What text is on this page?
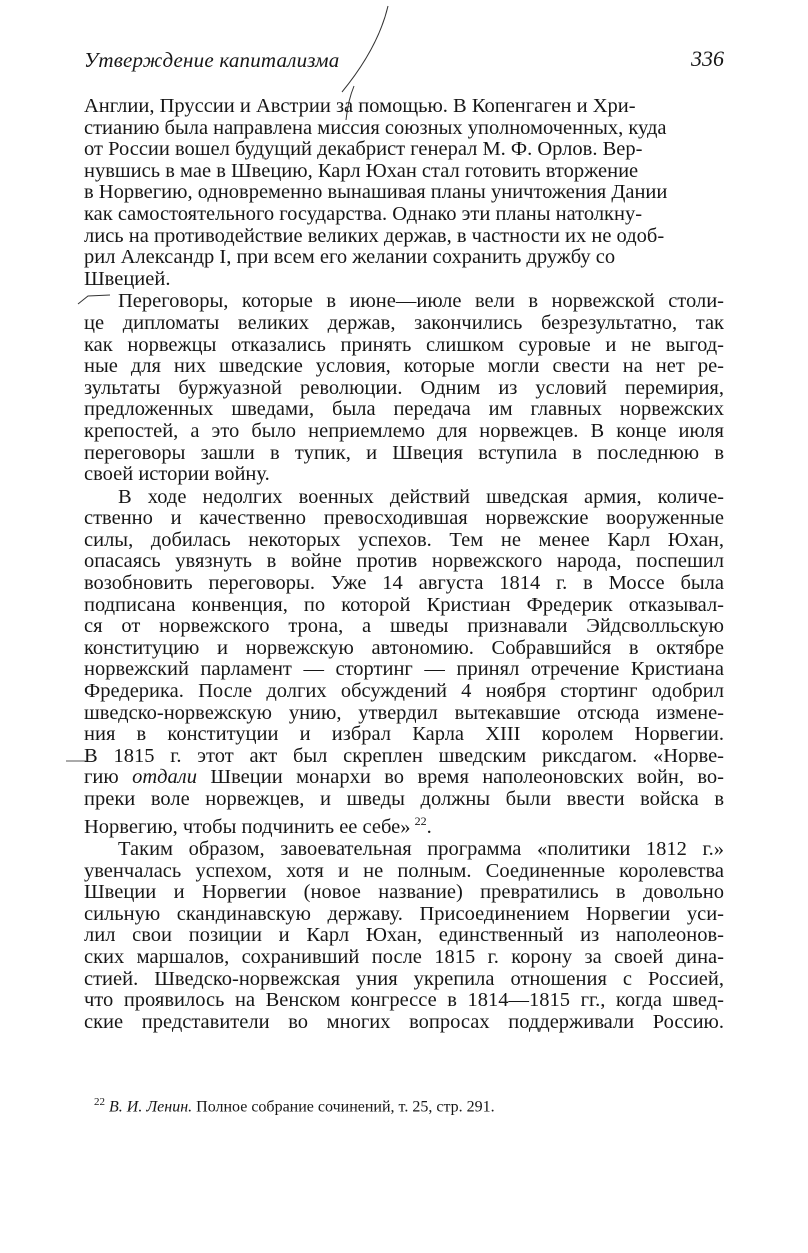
Утверждение капитализма	336
Англии, Пруссии и Австрии за помощью. В Копенгаген и Хри-
стианию была направлена миссия союзных уполномоченных, куда
от России вошел будущий декабрист генерал М. Ф. Орлов. Вер-
нувшись в мае в Швецию, Карл Юхан стал готовить вторжение
в Норвегию, одновременно вынашивая планы уничтожения Дании
как самостоятельного государства. Однако эти планы натолкну-
лись на противодействие великих держав, в частности их не одоб-
рил Александр I, при всем его желании сохранить дружбу со
Швецией.
Переговоры, которые в июне—июле вели в норвежской столи-
це дипломаты великих держав, закончились безрезультатно, так
как норвежцы отказались принять слишком суровые и не выгод-
ные для них шведские условия, которые могли свести на нет ре-
зультаты буржуазной революции. Одним из условий перемирия,
предложенных шведами, была передача им главных норвежских
крепостей, а это было неприемлемо для норвежцев. В конце июля
переговоры зашли в тупик, и Швеция вступила в последнюю в
своей истории войну.
В ходе недолгих военных действий шведская армия, количе-
ственно и качественно превосходившая норвежские вооруженные
силы, добилась некоторых успехов. Тем не менее Карл Юхан,
опасаясь увязнуть в войне против норвежского народа, поспешил
возобновить переговоры. Уже 14 августа 1814 г. в Моссе была
подписана конвенция, по которой Кристиан Фредерик отказывал-
ся от норвежского трона, а шведы признавали Эйдсволльскую
конституцию и норвежскую автономию. Собравшийся в октябре
норвежский парламент — стортинг — принял отречение Кристиана
Фредерика. После долгих обсуждений 4 ноября стортинг одобрил
шведско-норвежскую унию, утвердил вытекавшие отсюда измене-
ния в конституции и избрал Карла XIII королем Норвегии.
В 1815 г. этот акт был скреплен шведским риксдагом. «Норве-
гию отдали Швеции монархи во время наполеоновских войн, во-
преки воле норвежцев, и шведы должны были ввести войска в
Норвегию, чтобы подчинить ее себе»  $^{22}$.
Таким образом, завоевательная программа «политики 1812 г.»
увенчалась успехом, хотя и не полным. Соединенные королевства
Швеции и Норвегии (новое название) превратились в довольно
сильную скандинавскую державу. Присоединением Норвегии уси-
лил свои позиции и Карл Юхан, единственный из наполеонов-
ских маршалов, сохранивший после 1815 г. корону за своей дина-
стией. Шведско-норвежская уния укрепила отношения с Россией,
что проявилось на Венском конгрессе в 1814—1815 гг., когда швед-
ские представители во многих вопросах поддерживали Россию.
$^{22}$ В. И. Ленин. Полное собрание сочинений, т. 25, стр. 291.
